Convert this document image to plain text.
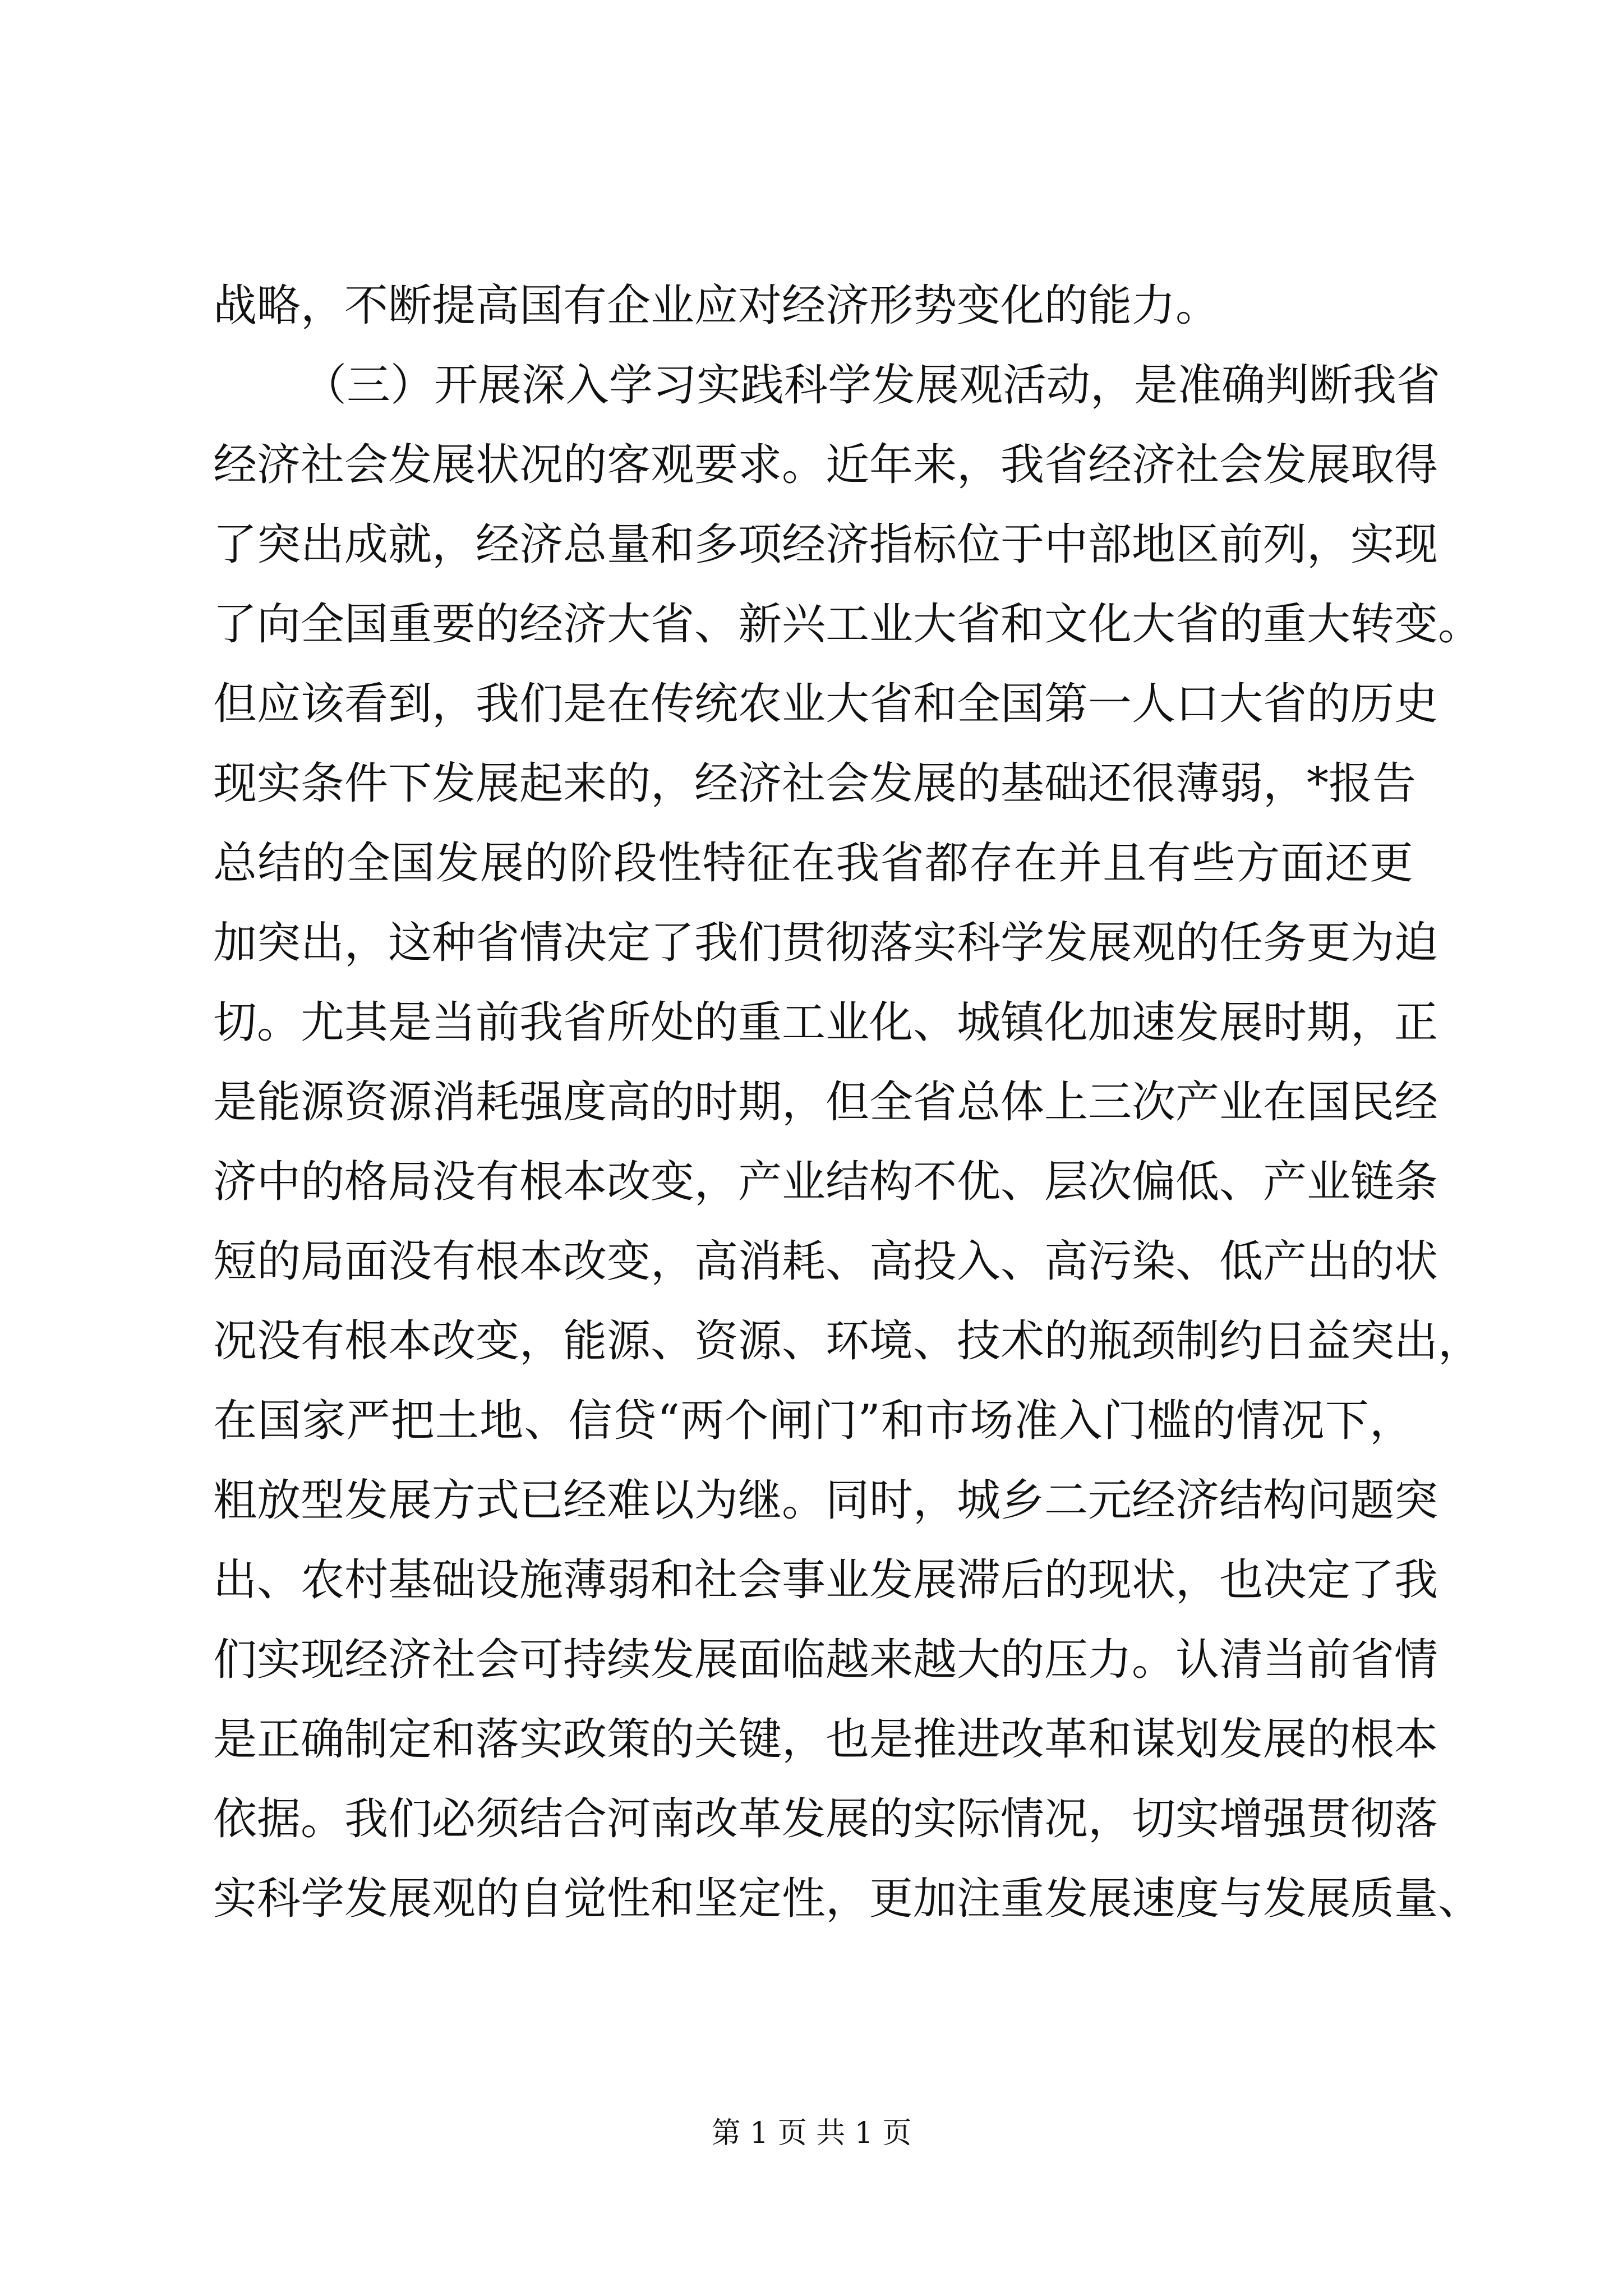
战略，不断提高国有企业应对经济形势变化的能力。
（三）开展深入学习实践科学发展观活动，是准确判断我省
经济社会发展状况的客观要求。近年来，我省经济社会发展取得
了突出成就，经济总量和多项经济指标位于中部地区前列，实现
了向全国重要的经济大省、新兴工业大省和文化大省的重大转变。
但应该看到，我们是在传统农业大省和全国第一人口大省的历史
现实条件下发展起来的，经济社会发展的基础还很薄弱，*报告
总结的全国发展的阶段性特征在我省都存在并且有些方面还更
加突出，这种省情决定了我们贯彻落实科学发展观的任务更为迫
切。尤其是当前我省所处的重工业化、城镇化加速发展时期，正
是能源资源消耗强度高的时期，但全省总体上三次产业在国民经
济中的格局没有根本改变，产业结构不优、层次偏低、产业链条
短的局面没有根本改变，高消耗、高投入、高污染、低产出的状
况没有根本改变，能源、资源、环境、技术的瓶颈制约日益突出，
在国家严把土地、信贷“两个闸门”和市场准入门槛的情况下，
粗放型发展方式已经难以为继。同时，城乡二元经济结构问题突
出、农村基础设施薄弱和社会事业发展滞后的现状，也决定了我
们实现经济社会可持续发展面临越来越大的压力。认清当前省情
是正确制定和落实政策的关键，也是推进改革和谋划发展的根本
依据。我们必须结合河南改革发展的实际情况，切实增强贯彻落
实科学发展观的自觉性和坚定性，更加注重发展速度与发展质量、
第 1 页 共 1 页
